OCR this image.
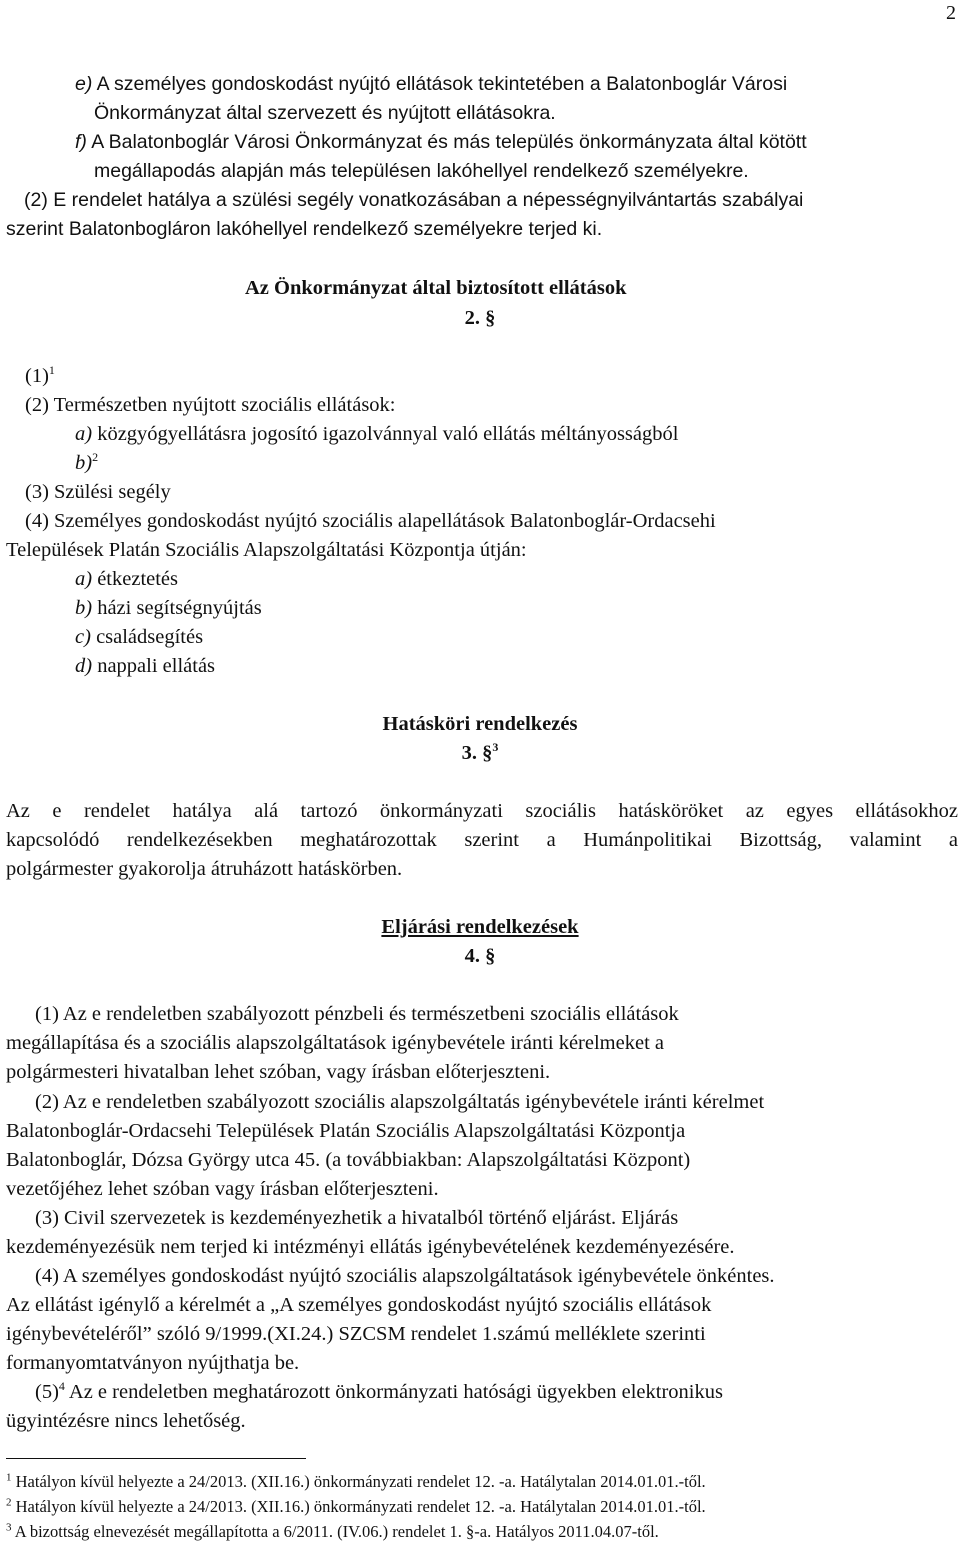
2
e) A személyes gondoskodást nyújtó ellátások tekintetében a Balatonboglár Városi
Önkormányzat által szervezett és nyújtott ellátásokra.
f) A Balatonboglár Városi Önkormányzat és más település önkormányzata által kötött
megállapodás alapján más településen lakóhellyel rendelkező személyekre.
(2) E rendelet hatálya a szülési segély vonatkozásában a népességnyilvántartás szabályai
szerint Balatonbogláron lakóhellyel rendelkező személyekre terjed ki.
Az Önkormányzat által biztosított ellátások
2. §
$(1)^1$
(2) Természetben nyújtott szociális ellátások:
a) közgyógyellátásra jogosító igazolvánnyal való ellátás méltányosságból
b)$^2$
(3) Szülési segély
(4) Személyes gondoskodást nyújtó szociális alapellátások Balatonboglár-Ordacsehi
Települések Platán Szociális Alapszolgáltatási Központja útján:
a) étkeztetés
b) házi segítségnyújtás
c) családsegítés
d) nappali ellátás
Hatásköri rendelkezés
3. §$^3$
Az e rendelet hatálya alá tartozó önkormányzati szociális hatásköröket az egyes ellátásokhoz
kapcsolódó rendelkezésekben meghatározottak szerint a Humánpolitikai Bizottság, valamint a
polgármester gyakorolja átruházott hatáskörben.
Eljárási rendelkezések
4. §
(1) Az e rendeletben szabályozott pénzbeli és természetbeni szociális ellátások
megállapítása és a szociális alapszolgáltatások igénybevétele iránti kérelmeket a
polgármesteri hivatalban lehet szóban, vagy írásban előterjeszteni.
(2) Az e rendeletben szabályozott szociális alapszolgáltatás igénybevétele iránti kérelmet
Balatonboglár-Ordacsehi Települések Platán Szociális Alapszolgáltatási Központja
Balatonboglár, Dózsa György utca 45. (a továbbiakban: Alapszolgáltatási Központ)
vezetőjéhez lehet szóban vagy írásban előterjeszteni.
(3) Civil szervezetek is kezdeményezhetik a hivatalból történő eljárást. Eljárás
kezdeményezésük nem terjed ki intézményi ellátás igénybevételének kezdeményezésére.
(4) A személyes gondoskodást nyújtó szociális alapszolgáltatások igénybevétele önkéntes.
Az ellátást igénylő a kérelmét a „A személyes gondoskodást nyújtó szociális ellátások
igénybevételéről” szóló 9/1999.(XI.24.) SZCSM rendelet 1.számú melléklete szerinti
formanyomtatványon nyújthatja be.
$(5)^4$ Az e rendeletben meghatározott önkormányzati hatósági ügyekben elektronikus
ügyintézésre nincs lehetőség.
$^1$ Hatályon kívül helyezte a 24/2013. (XII.16.) önkormányzati rendelet 12. -a. Hatálytalan 2014.01.01.-től.
$^2$ Hatályon kívül helyezte a 24/2013. (XII.16.) önkormányzati rendelet 12. -a. Hatálytalan 2014.01.01.-től.
$^3$ A bizottság elnevezését megállapította a 6/2011. (IV.06.) rendelet 1. §-a. Hatályos 2011.04.07-től.
